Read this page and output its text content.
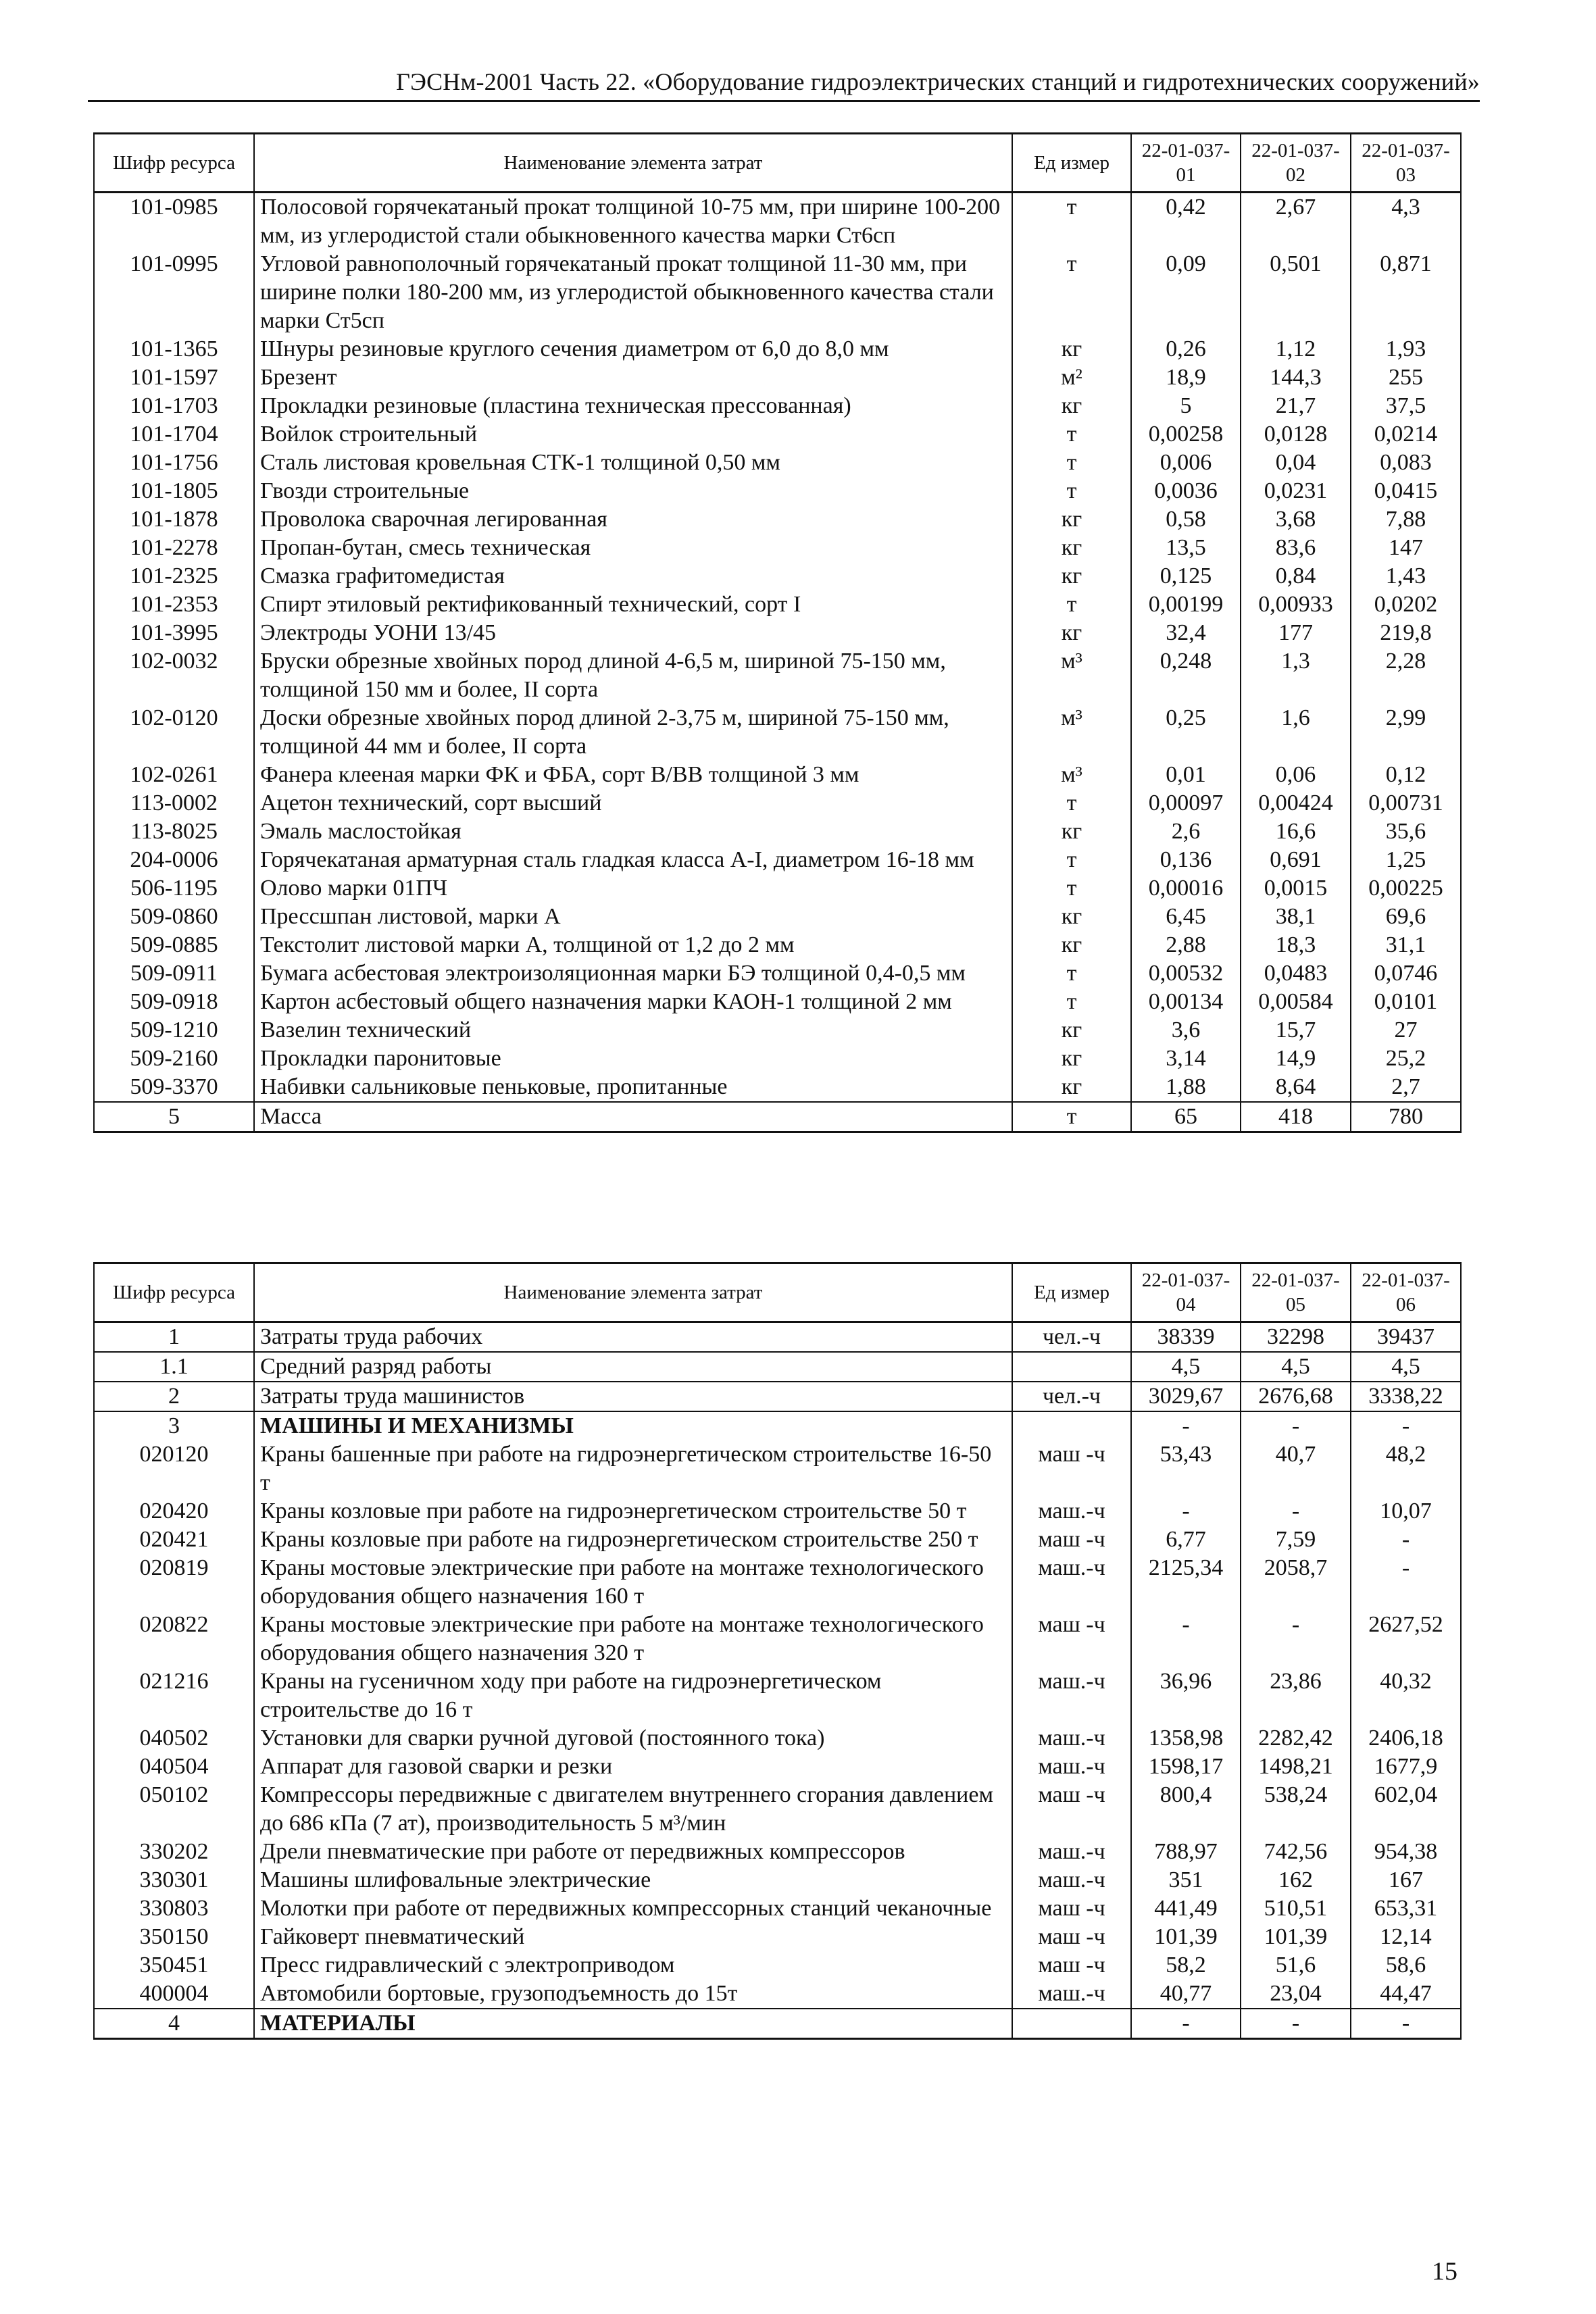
ГЭСНм-2001 Часть 22. «Оборудование гидроэлектрических станций и гидротехнических сооружений»
Шифр ресурса	Наименование элемента затрат	Ед измер	22-01-037-01	22-01-037-02	22-01-037-03
101-0985	Полосовой горячекатаный прокат толщиной 10-75 мм, при ширине 100-200 мм, из углеродистой стали обыкновенного качества марки Ст6сп	т	0,42	2,67	4,3
101-0995	Угловой равнополочный горячекатаный прокат толщиной 11-30 мм, при ширине полки 180-200 мм, из углеродистой обыкновенного качества стали марки Ст5сп	т	0,09	0,501	0,871
101-1365	Шнуры резиновые круглого сечения диаметром от 6,0 до 8,0 мм	кг	0,26	1,12	1,93
101-1597	Брезент	м²	18,9	144,3	255
101-1703	Прокладки резиновые (пластина техническая прессованная)	кг	5	21,7	37,5
101-1704	Войлок строительный	т	0,00258	0,0128	0,0214
101-1756	Сталь листовая кровельная СТК-1 толщиной 0,50 мм	т	0,006	0,04	0,083
101-1805	Гвозди строительные	т	0,0036	0,0231	0,0415
101-1878	Проволока сварочная легированная	кг	0,58	3,68	7,88
101-2278	Пропан-бутан, смесь техническая	кг	13,5	83,6	147
101-2325	Смазка графитомедистая	кг	0,125	0,84	1,43
101-2353	Спирт этиловый ректификованный технический, сорт I	т	0,00199	0,00933	0,0202
101-3995	Электроды УОНИ 13/45	кг	32,4	177	219,8
102-0032	Бруски обрезные хвойных пород длиной 4-6,5 м, шириной 75-150 мм, толщиной 150 мм и более, II сорта	м³	0,248	1,3	2,28
102-0120	Доски обрезные хвойных пород длиной 2-3,75 м, шириной 75-150 мм, толщиной 44 мм и более, II сорта	м³	0,25	1,6	2,99
102-0261	Фанера клееная марки ФК и ФБА, сорт В/ВВ толщиной 3 мм	м³	0,01	0,06	0,12
113-0002	Ацетон технический, сорт высший	т	0,00097	0,00424	0,00731
113-8025	Эмаль маслостойкая	кг	2,6	16,6	35,6
204-0006	Горячекатаная арматурная сталь гладкая класса А-I, диаметром 16-18 мм	т	0,136	0,691	1,25
506-1195	Олово марки 01ПЧ	т	0,00016	0,0015	0,00225
509-0860	Прессшпан листовой, марки А	кг	6,45	38,1	69,6
509-0885	Текстолит листовой марки А, толщиной от 1,2 до 2 мм	кг	2,88	18,3	31,1
509-0911	Бумага асбестовая электроизоляционная марки БЭ толщиной 0,4-0,5 мм	т	0,00532	0,0483	0,0746
509-0918	Картон асбестовый общего назначения марки КАОН-1 толщиной 2 мм	т	0,00134	0,00584	0,0101
509-1210	Вазелин технический	кг	3,6	15,7	27
509-2160	Прокладки паронитовые	кг	3,14	14,9	25,2
509-3370	Набивки сальниковые пеньковые, пропитанные	кг	1,88	8,64	2,7
5	Масса	т	65	418	780
Шифр ресурса	Наименование элемента затрат	Ед измер	22-01-037-04	22-01-037-05	22-01-037-06
1	Затраты труда рабочих	чел.-ч	38339	32298	39437
1.1	Средний разряд работы		4,5	4,5	4,5
2	Затраты труда машинистов	чел.-ч	3029,67	2676,68	3338,22
3	МАШИНЫ И МЕХАНИЗМЫ		-	-	-
020120	Краны башенные при работе на гидроэнергетическом строительстве 16-50 т	маш -ч	53,43	40,7	48,2
020420	Краны козловые при работе на гидроэнергетическом строительстве 50 т	маш.-ч	-	-	10,07
020421	Краны козловые при работе на гидроэнергетическом строительстве 250 т	маш -ч	6,77	7,59	-
020819	Краны мостовые электрические при работе на монтаже технологического оборудования общего назначения 160 т	маш.-ч	2125,34	2058,7	-
020822	Краны мостовые электрические при работе на монтаже технологического оборудования общего назначения 320 т	маш -ч	-	-	2627,52
021216	Краны на гусеничном ходу при работе на гидроэнергетическом строительстве до 16 т	маш.-ч	36,96	23,86	40,32
040502	Установки для сварки ручной дуговой (постоянного тока)	маш.-ч	1358,98	2282,42	2406,18
040504	Аппарат для газовой сварки и резки	маш.-ч	1598,17	1498,21	1677,9
050102	Компрессоры передвижные с двигателем внутреннего сгорания давлением до 686 кПа (7 ат), производительность 5 м³/мин	маш -ч	800,4	538,24	602,04
330202	Дрели пневматические при работе от передвижных компрессоров	маш.-ч	788,97	742,56	954,38
330301	Машины шлифовальные электрические	маш.-ч	351	162	167
330803	Молотки при работе от передвижных компрессорных станций чеканочные	маш -ч	441,49	510,51	653,31
350150	Гайковерт пневматический	маш -ч	101,39	101,39	12,14
350451	Пресс гидравлический с электроприводом	маш -ч	58,2	51,6	58,6
400004	Автомобили бортовые, грузоподъемность до 15т	маш.-ч	40,77	23,04	44,47
4	МАТЕРИАЛЫ		-	-	-
15
